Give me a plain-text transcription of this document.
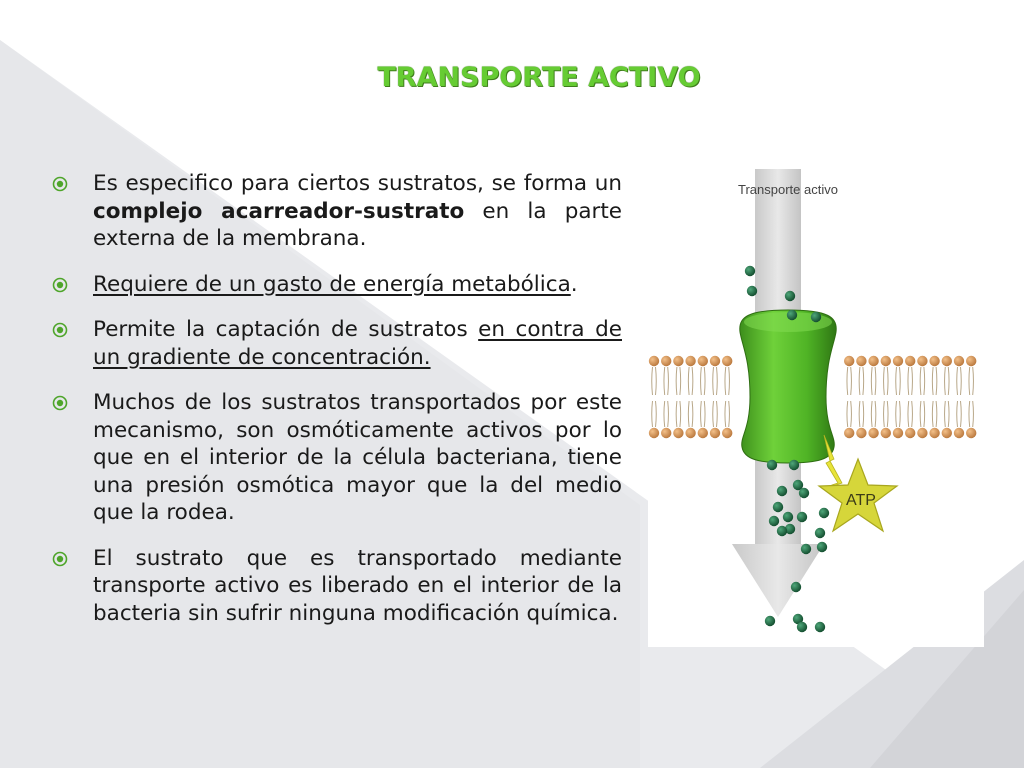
TRANSPORTE ACTIVO
Es especifico para ciertos sustratos, se forma un complejo acarreador-sustrato en la parte externa de la membrana.
Requiere de un gasto de energía metabólica.
Permite la captación de sustratos en contra de un gradiente de concentración.
Muchos de los sustratos transportados por este mecanismo, son osmóticamente activos por lo que en el interior de la célula bacteriana, tiene una presión osmótica mayor que la del medio que la rodea.
El sustrato que es transportado mediante transporte activo es liberado en el interior de la bacteria sin sufrir ninguna modificación química.
Transporte activo
ATP
